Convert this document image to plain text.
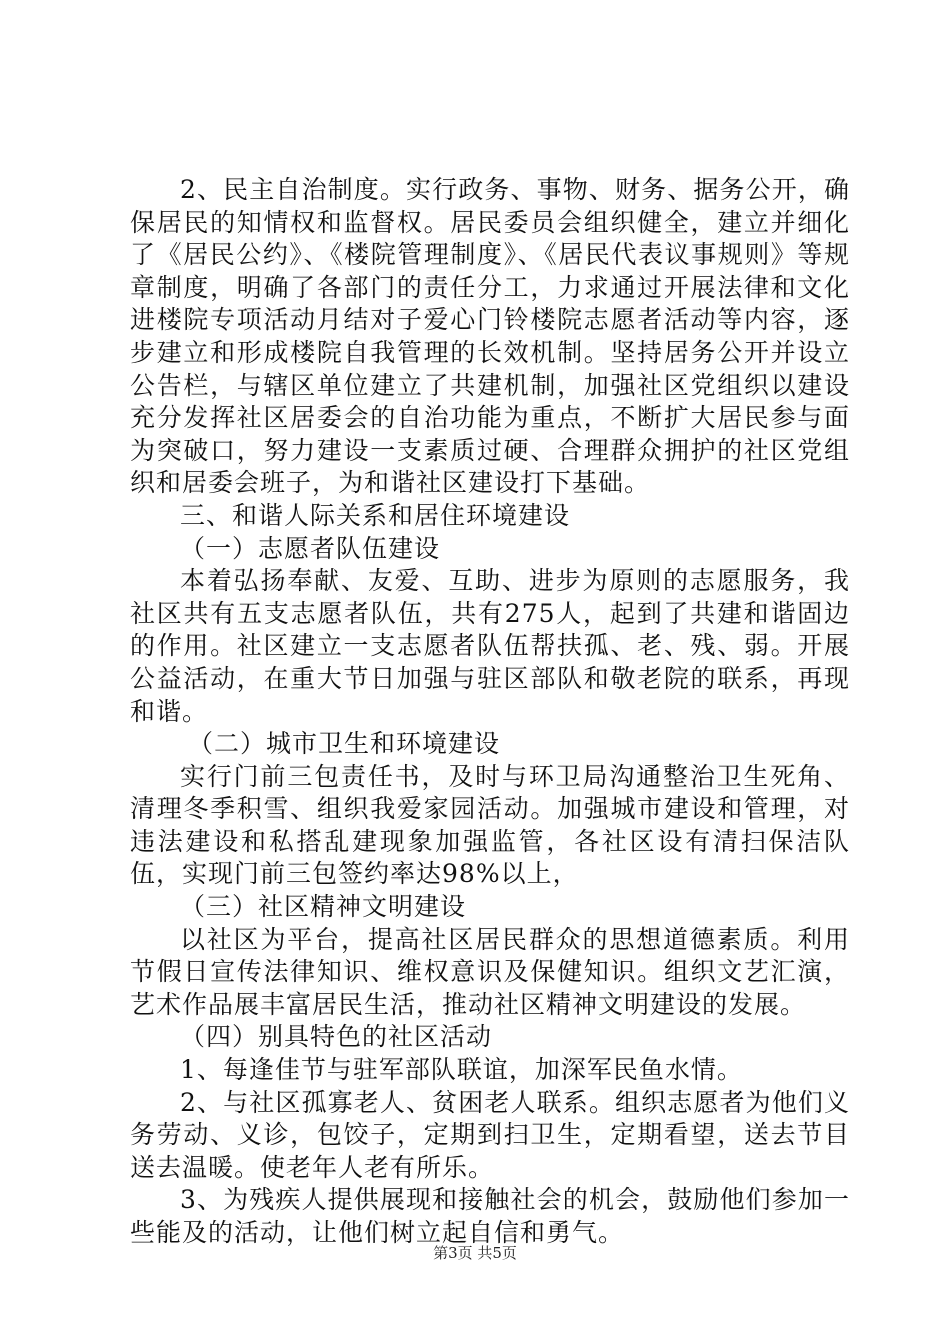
2、民主自治制度。实行政务、事物、财务、据务公开，确保居民的知情权和监督权。居民委员会组织健全，建立并细化了《居民公约》、《楼院管理制度》、《居民代表议事规则》等规章制度，明确了各部门的责任分工，力求通过开展法律和文化进楼院专项活动月结对子爱心门铃楼院志愿者活动等内容，逐步建立和形成楼院自我管理的长效机制。坚持居务公开并设立公告栏，与辖区单位建立了共建机制，加强社区党组织以建设充分发挥社区居委会的自治功能为重点，不断扩大居民参与面为突破口，努力建设一支素质过硬、合理群众拥护的社区党组织和居委会班子，为和谐社区建设打下基础。

三、和谐人际关系和居住环境建设

（一）志愿者队伍建设

本着弘扬奉献、友爱、互助、进步为原则的志愿服务，我社区共有五支志愿者队伍，共有275人，起到了共建和谐固边的作用。社区建立一支志愿者队伍帮扶孤、老、残、弱。开展公益活动，在重大节日加强与驻区部队和敬老院的联系，再现和谐。

（二）城市卫生和环境建设

实行门前三包责任书，及时与环卫局沟通整治卫生死角、清理冬季积雪、组织我爱家园活动。加强城市建设和管理，对违法建设和私搭乱建现象加强监管，各社区设有清扫保洁队伍，实现门前三包签约率达98%以上，

（三）社区精神文明建设

以社区为平台，提高社区居民群众的思想道德素质。利用节假日宣传法律知识、维权意识及保健知识。组织文艺汇演，艺术作品展丰富居民生活，推动社区精神文明建设的发展。

（四）别具特色的社区活动

1、每逢佳节与驻军部队联谊，加深军民鱼水情。

2、与社区孤寡老人、贫困老人联系。组织志愿者为他们义务劳动、义诊，包饺子，定期到扫卫生，定期看望，送去节目送去温暖。使老年人老有所乐。

3、为残疾人提供展现和接触社会的机会，鼓励他们参加一些能及的活动，让他们树立起自信和勇气。

第3页 共5页
